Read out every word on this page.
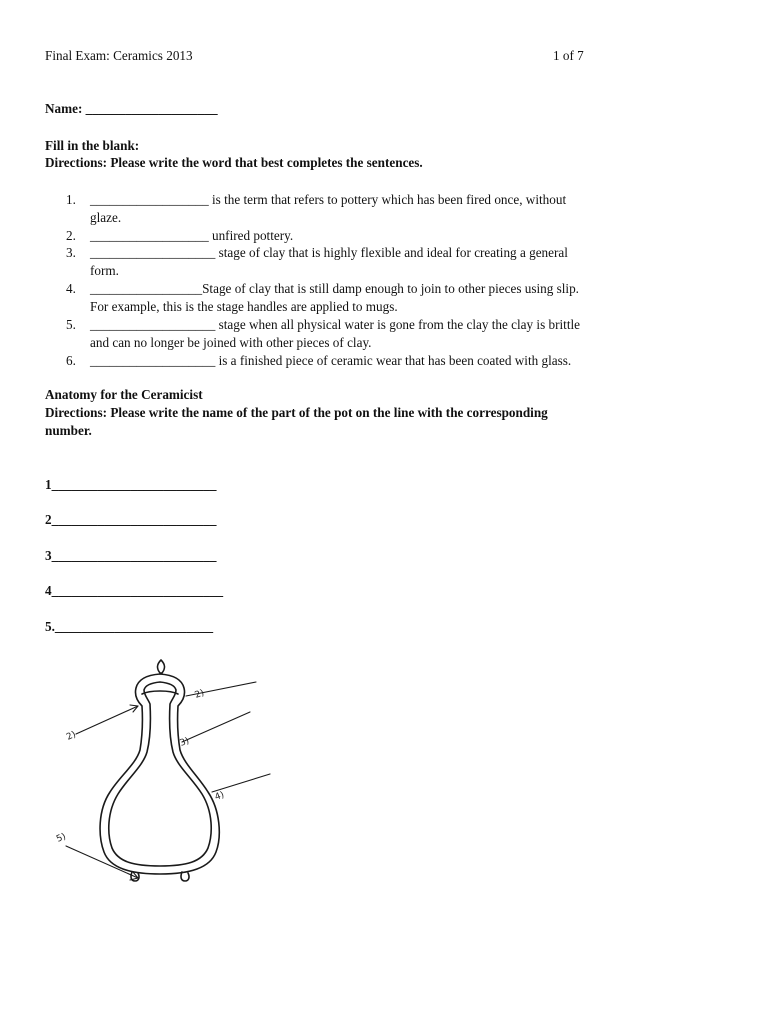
Final Exam: Ceramics 2013	1 of 7
Name: ____________________
Fill in the blank:
Directions: Please write the word that best completes the sentences.
1. __________________ is the term that refers to pottery which has been fired once, without
glaze.
2. __________________ unfired pottery.
3. ___________________ stage of clay that is highly flexible and ideal for creating a general
form.
4. _________________Stage of clay that is still damp enough to join to other pieces using slip.
For example, this is the stage handles are applied to mugs.
5. ___________________ stage when all physical water is gone from the clay the clay is brittle
and can no longer be joined with other pieces of clay.
6. ___________________ is a finished piece of ceramic wear that has been coated with glass.
Anatomy for the Ceramicist
Directions: Please write the name of the part of the pot on the line with the corresponding
number.
1_________________________
2_________________________
3_________________________
4__________________________
5.________________________
2)
2)	3)
4)
5)
